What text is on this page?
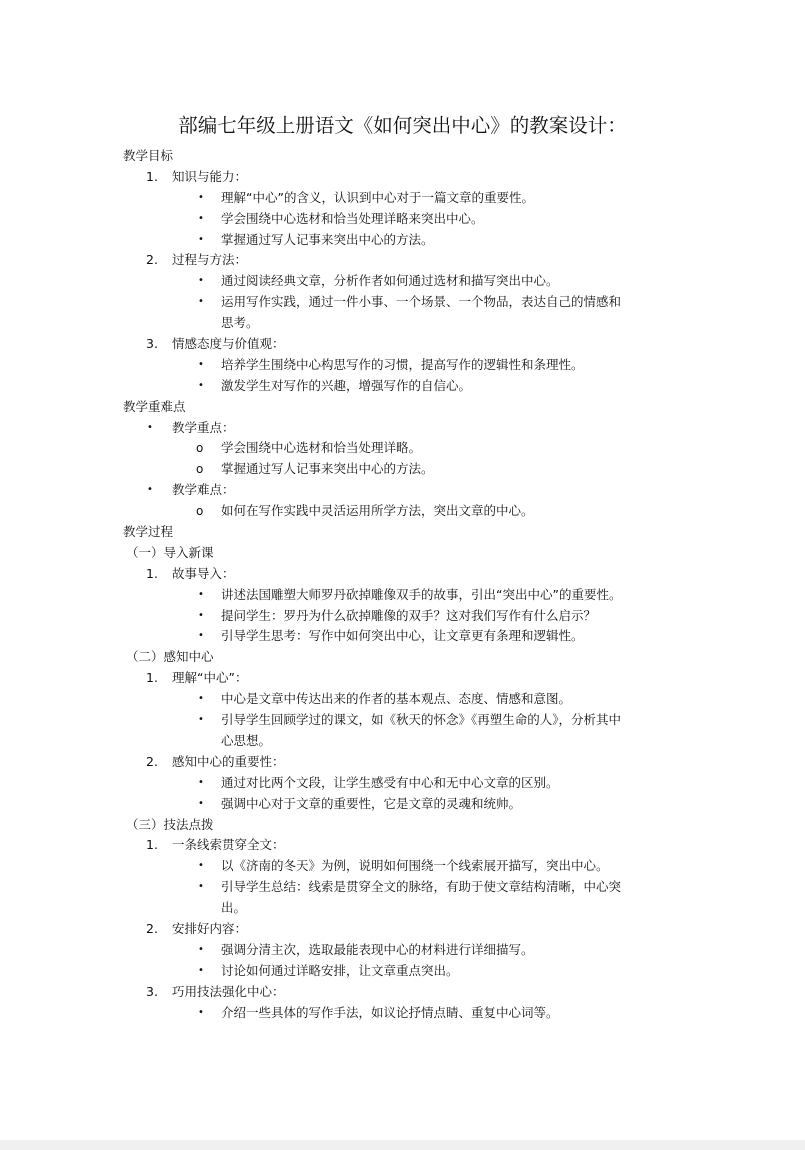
部编七年级上册语文《如何突出中心》的教案设计：
教学目标
1. 知识与能力：
• 理解“中心”的含义，认识到中心对于一篇文章的重要性。
• 学会围绕中心选材和恰当处理详略来突出中心。
• 掌握通过写人记事来突出中心的方法。
2. 过程与方法：
• 通过阅读经典文章，分析作者如何通过选材和描写突出中心。
• 运用写作实践，通过一件小事、一个场景、一个物品，表达自己的情感和
思考。
3. 情感态度与价值观：
• 培养学生围绕中心构思写作的习惯，提高写作的逻辑性和条理性。
• 激发学生对写作的兴趣，增强写作的自信心。
教学重难点
• 教学重点：
o 学会围绕中心选材和恰当处理详略。
o 掌握通过写人记事来突出中心的方法。
• 教学难点：
o 如何在写作实践中灵活运用所学方法，突出文章的中心。
教学过程
（一）导入新课
1. 故事导入：
• 讲述法国雕塑大师罗丹砍掉雕像双手的故事，引出“突出中心”的重要性。
• 提问学生：罗丹为什么砍掉雕像的双手？这对我们写作有什么启示？
• 引导学生思考：写作中如何突出中心，让文章更有条理和逻辑性。
（二）感知中心
1. 理解“中心”：
• 中心是文章中传达出来的作者的基本观点、态度、情感和意图。
• 引导学生回顾学过的课文，如《秋天的怀念》《再塑生命的人》，分析其中
心思想。
2. 感知中心的重要性：
• 通过对比两个文段，让学生感受有中心和无中心文章的区别。
• 强调中心对于文章的重要性，它是文章的灵魂和统帅。
（三）技法点拨
1. 一条线索贯穿全文：
• 以《济南的冬天》为例，说明如何围绕一个线索展开描写，突出中心。
• 引导学生总结：线索是贯穿全文的脉络，有助于使文章结构清晰，中心突
出。
2. 安排好内容：
• 强调分清主次，选取最能表现中心的材料进行详细描写。
• 讨论如何通过详略安排，让文章重点突出。
3. 巧用技法强化中心：
• 介绍一些具体的写作手法，如议论抒情点睛、重复中心词等。
